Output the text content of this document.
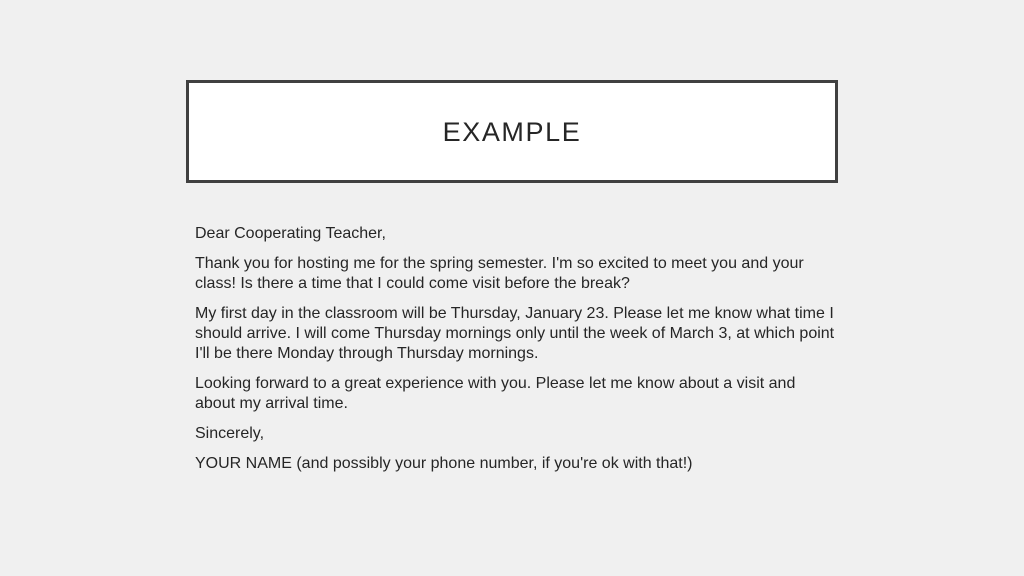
EXAMPLE

Dear Cooperating Teacher,

Thank you for hosting me for the spring semester. I'm so excited to meet you and your class! Is there a time that I could come visit before the break?

My first day in the classroom will be Thursday, January 23. Please let me know what time I should arrive. I will come Thursday mornings only until the week of March 3, at which point I'll be there Monday through Thursday mornings.

Looking forward to a great experience with you. Please let me know about a visit and about my arrival time.

Sincerely,

YOUR NAME (and possibly your phone number, if you're ok with that!)
